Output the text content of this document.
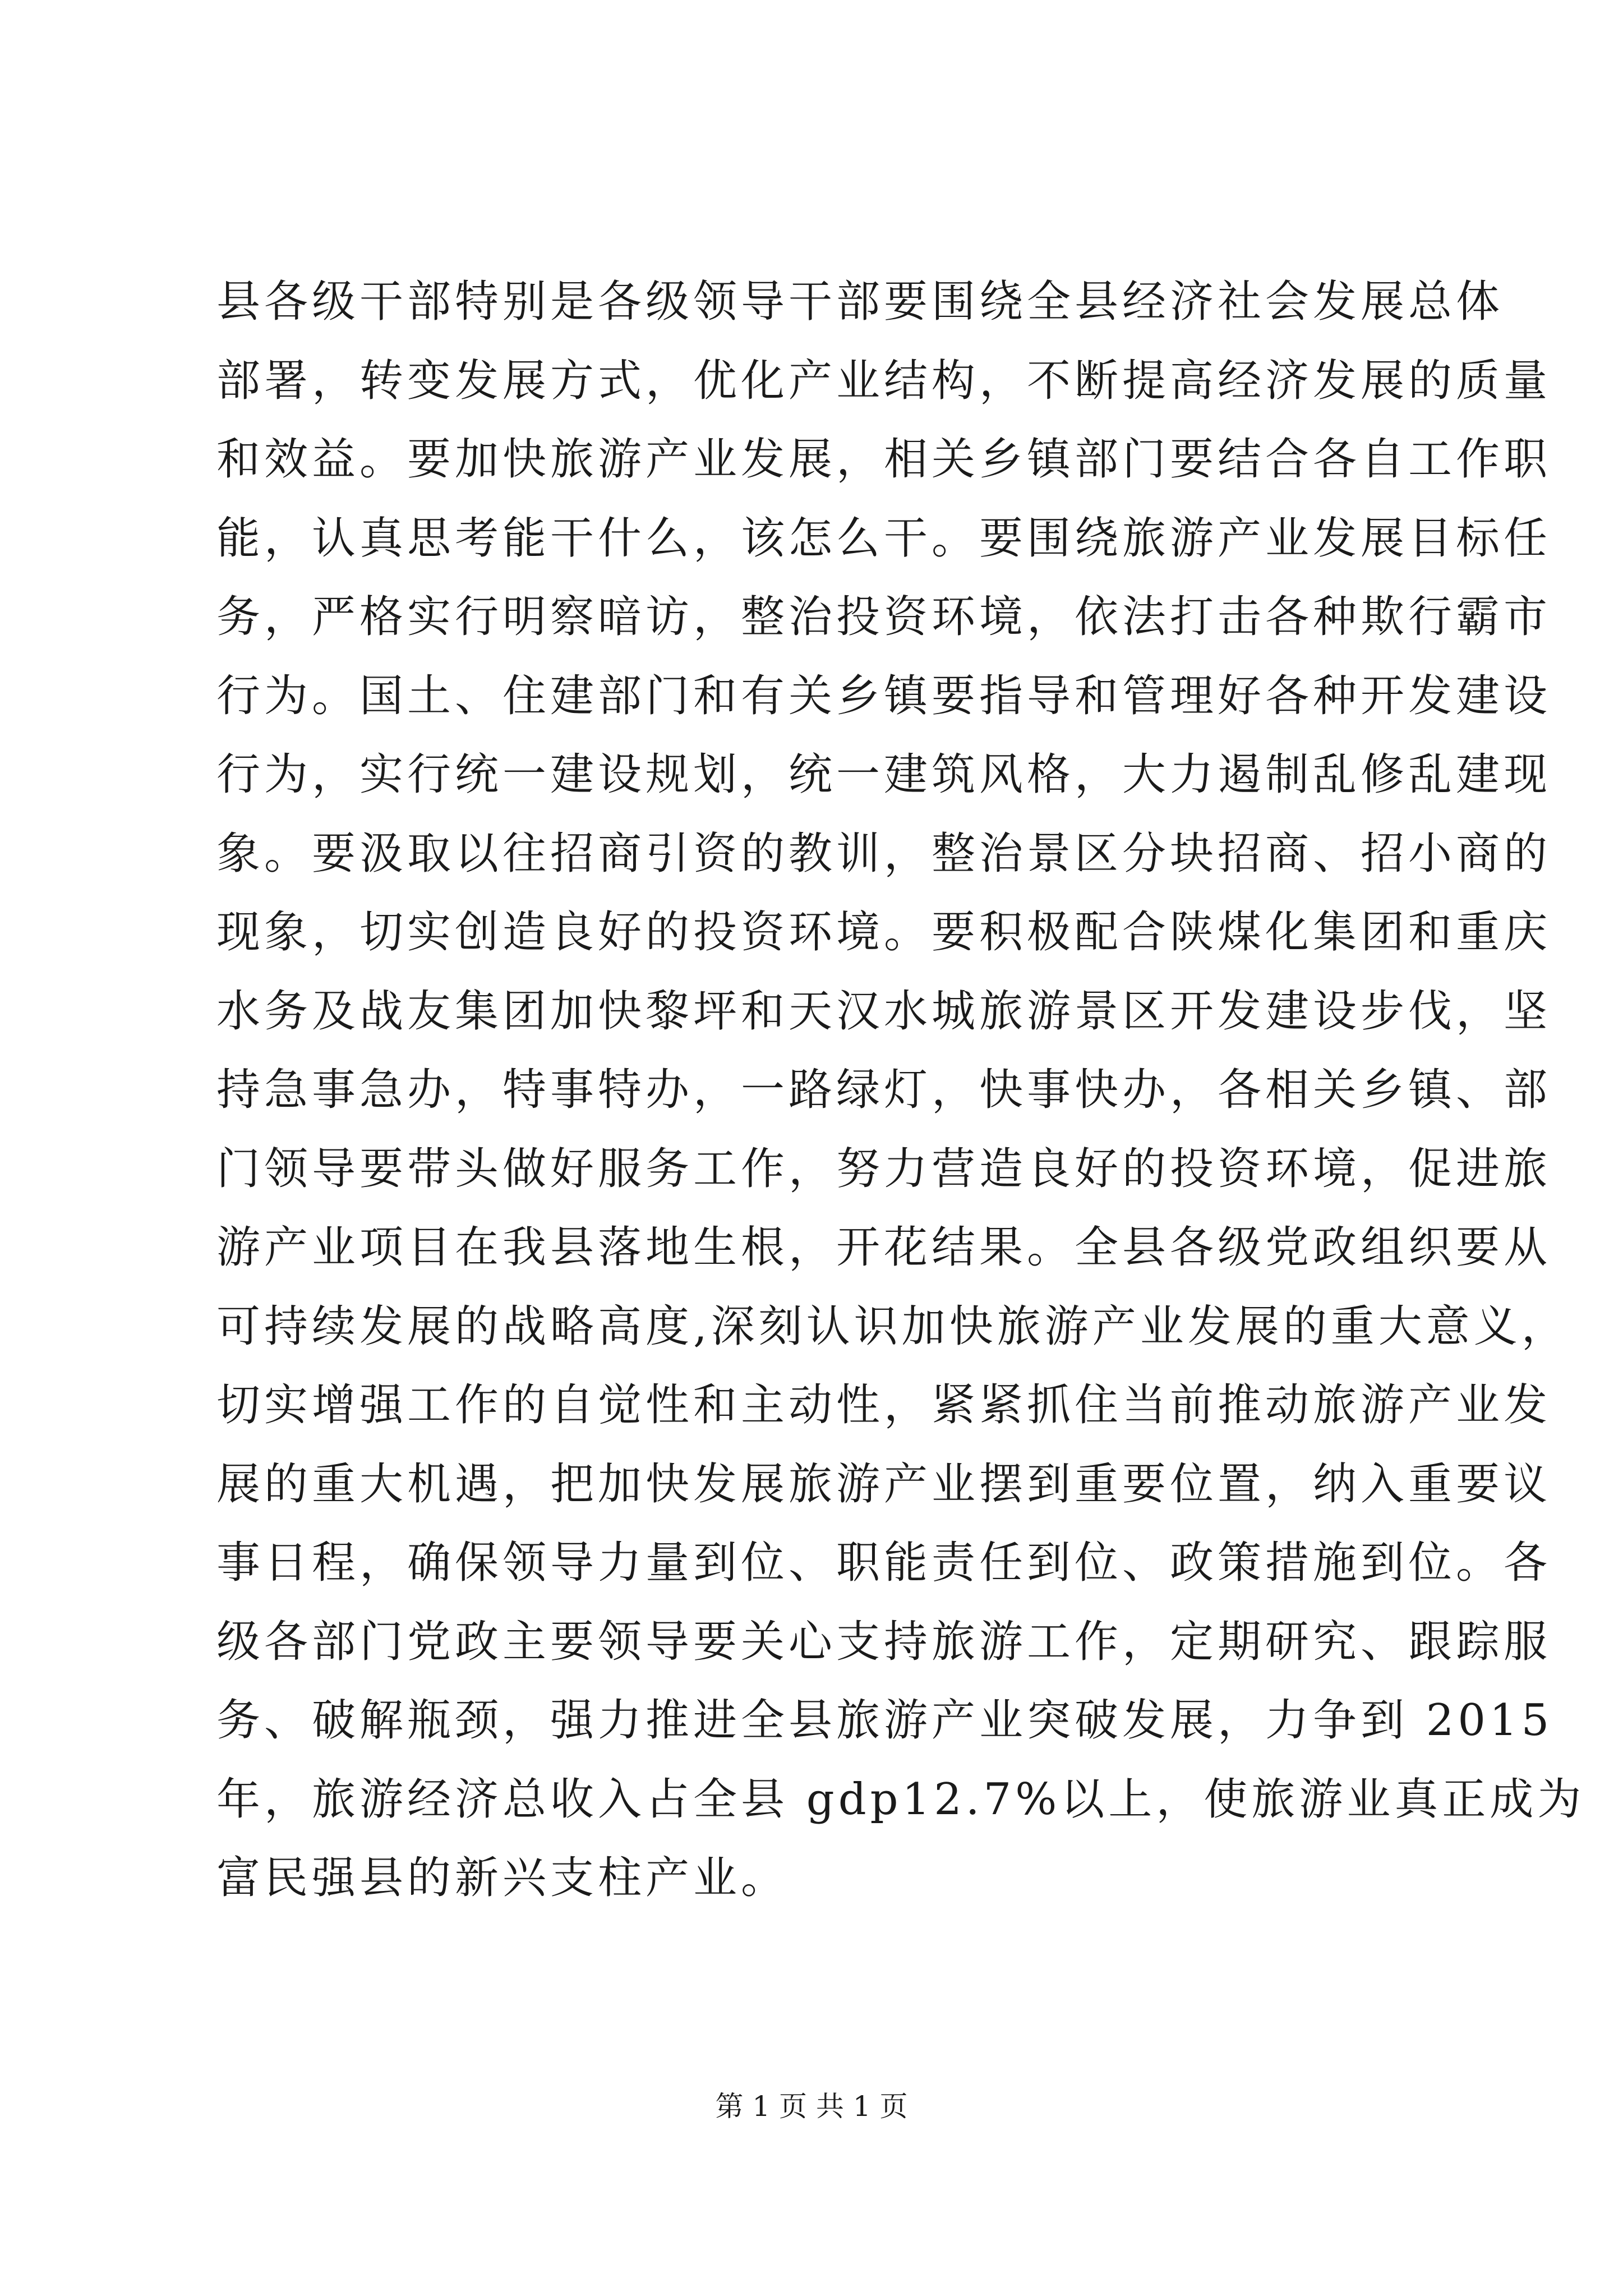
县各级干部特别是各级领导干部要围绕全县经济社会发展总体
部署，转变发展方式，优化产业结构，不断提高经济发展的质量
和效益。要加快旅游产业发展，相关乡镇部门要结合各自工作职
能，认真思考能干什么，该怎么干。要围绕旅游产业发展目标任
务，严格实行明察暗访，整治投资环境，依法打击各种欺行霸市
行为。国土、住建部门和有关乡镇要指导和管理好各种开发建设
行为，实行统一建设规划，统一建筑风格，大力遏制乱修乱建现
象。要汲取以往招商引资的教训，整治景区分块招商、招小商的
现象，切实创造良好的投资环境。要积极配合陕煤化集团和重庆
水务及战友集团加快黎坪和天汉水城旅游景区开发建设步伐，坚
持急事急办，特事特办，一路绿灯，快事快办，各相关乡镇、部
门领导要带头做好服务工作，努力营造良好的投资环境，促进旅
游产业项目在我县落地生根，开花结果。全县各级党政组织要从
可持续发展的战略高度,深刻认识加快旅游产业发展的重大意义，
切实增强工作的自觉性和主动性，紧紧抓住当前推动旅游产业发
展的重大机遇，把加快发展旅游产业摆到重要位置，纳入重要议
事日程，确保领导力量到位、职能责任到位、政策措施到位。各
级各部门党政主要领导要关心支持旅游工作，定期研究、跟踪服
务、破解瓶颈，强力推进全县旅游产业突破发展，力争到 2015
年，旅游经济总收入占全县 gdp12.7%以上，使旅游业真正成为
富民强县的新兴支柱产业。
第 1 页 共 1 页
